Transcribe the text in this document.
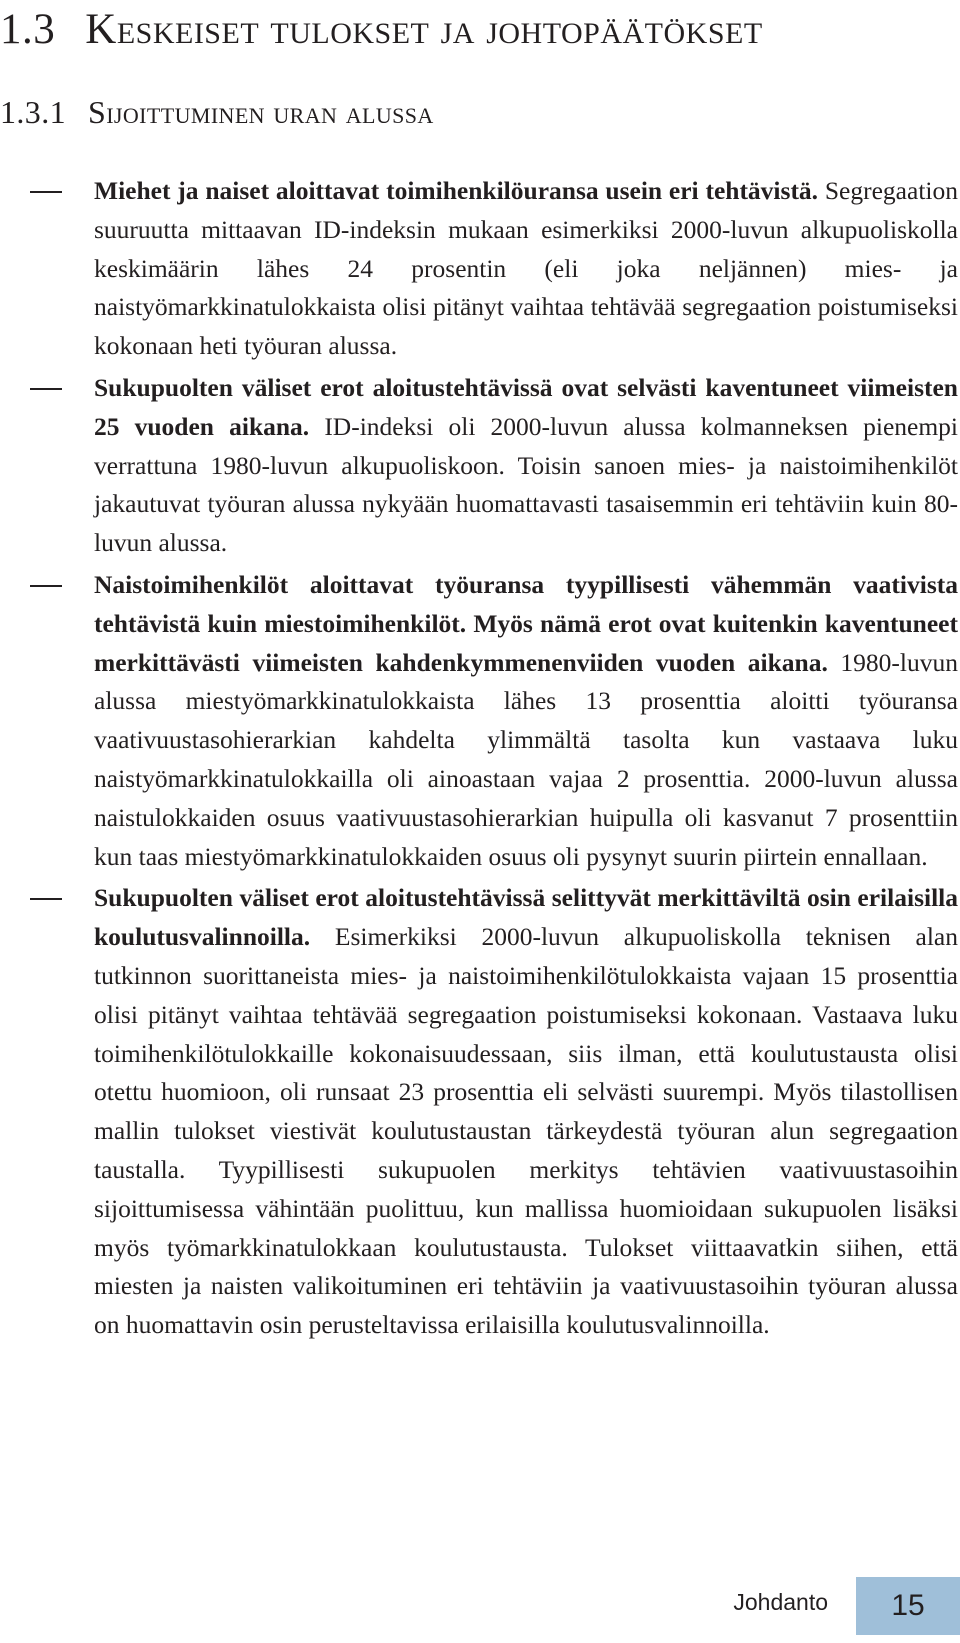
1.3 Keskeiset tulokset ja johtopäätökset
1.3.1 Sijoittuminen uran alussa
Miehet ja naiset aloittavat toimihenkilöuransa usein eri tehtävistä. Segregaation suuruutta mittaavan ID-indeksin mukaan esimerkiksi 2000-luvun alkupuoliskolla keskimäärin lähes 24 prosentin (eli joka neljännen) mies- ja naistyömarkkinatulokkaista olisi pitänyt vaihtaa tehtävää segregaation poistumiseksi kokonaan heti työuran alussa.
Sukupuolten väliset erot aloitustehtävissä ovat selvästi kaventuneet viimeisten 25 vuoden aikana. ID-indeksi oli 2000-luvun alussa kolmanneksen pienempi verrattuna 1980-luvun alkupuoliskoon. Toisin sanoen mies- ja naistoimihenkilöt jakautuvat työuran alussa nykyään huomattavasti tasaisemmin eri tehtäviin kuin 80-luvun alussa.
Naistoimihenkilöt aloittavat työuransa tyypillisesti vähemmän vaativista tehtävistä kuin miestoimihenkilöt. Myös nämä erot ovat kuitenkin kaventuneet merkittävästi viimeisten kahdenkymmenenviiden vuoden aikana. 1980-luvun alussa miestyömarkkinatulokkaista lähes 13 prosenttia aloitti työuransa vaativuustasohierarkian kahdelta ylimmältä tasolta kun vastaava luku naistyömarkkinatulokkailla oli ainoastaan vajaa 2 prosenttia. 2000-luvun alussa naistulokkaiden osuus vaativuustasohierarkian huipulla oli kasvanut 7 prosenttiin kun taas miestyömarkkinatulokkaiden osuus oli pysynyt suurin piirtein ennallaan.
Sukupuolten väliset erot aloitustehtävissä selittyvät merkittäviltä osin erilaisilla koulutusvalinnoilla. Esimerkiksi 2000-luvun alkupuoliskolla teknisen alan tutkinnon suorittaneista mies- ja naistoimihenkilötulokkaista vajaan 15 prosenttia olisi pitänyt vaihtaa tehtävää segregaation poistumiseksi kokonaan. Vastaava luku toimihenkilötulokkaille kokonaisuudessaan, siis ilman, että koulutustausta olisi otettu huomioon, oli runsaat 23 prosenttia eli selvästi suurempi. Myös tilastollisen mallin tulokset viestivät koulutustaustan tärkeydestä työuran alun segregaation taustalla. Tyypillisesti sukupuolen merkitys tehtävien vaativuustasoihin sijoittumisessa vähintään puolittuu, kun mallissa huomioidaan sukupuolen lisäksi myös työmarkkinatulokkaan koulutustausta. Tulokset viittaavatkin siihen, että miesten ja naisten valikoituminen eri tehtäviin ja vaativuustasoihin työuran alussa on huomattavin osin perusteltavissa erilaisilla koulutusvalinnoilla.
Johdanto 15
